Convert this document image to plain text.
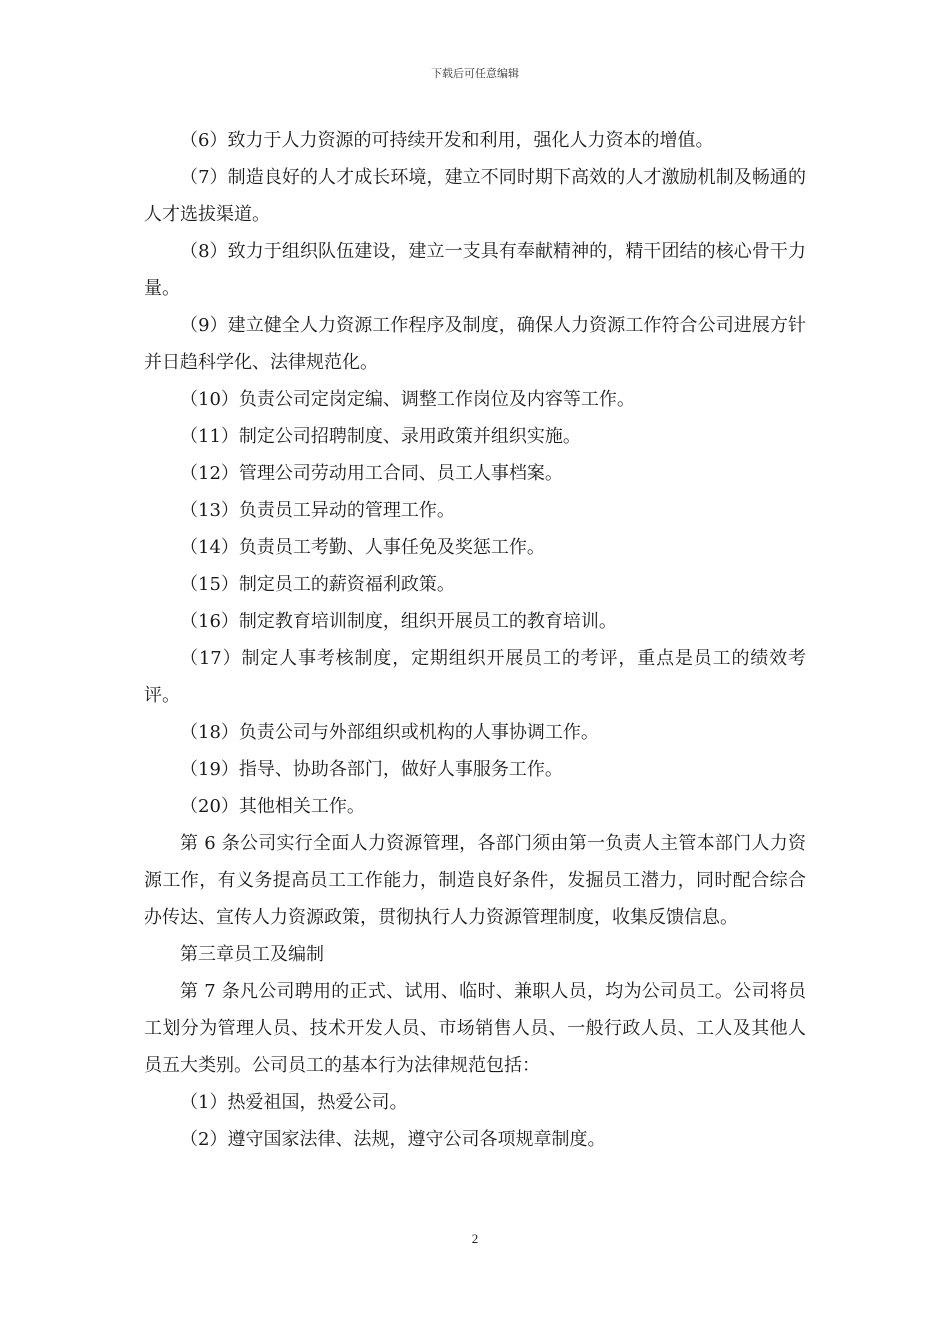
下载后可任意编辑

（6）致力于人力资源的可持续开发和利用，强化人力资本的增值。

（7）制造良好的人才成长环境，建立不同时期下高效的人才激励机制及畅通的人才选拔渠道。

（8）致力于组织队伍建设，建立一支具有奉献精神的，精干团结的核心骨干力量。

（9）建立健全人力资源工作程序及制度，确保人力资源工作符合公司进展方针并日趋科学化、法律规范化。

（10）负责公司定岗定编、调整工作岗位及内容等工作。

（11）制定公司招聘制度、录用政策并组织实施。

（12）管理公司劳动用工合同、员工人事档案。

（13）负责员工异动的管理工作。

（14）负责员工考勤、人事任免及奖惩工作。

（15）制定员工的薪资福利政策。

（16）制定教育培训制度，组织开展员工的教育培训。

（17）制定人事考核制度，定期组织开展员工的考评，重点是员工的绩效考评。

（18）负责公司与外部组织或机构的人事协调工作。

（19）指导、协助各部门，做好人事服务工作。

（20）其他相关工作。

第 6 条公司实行全面人力资源管理，各部门须由第一负责人主管本部门人力资源工作，有义务提高员工工作能力，制造良好条件，发掘员工潜力，同时配合综合办传达、宣传人力资源政策，贯彻执行人力资源管理制度，收集反馈信息。

第三章员工及编制

第 7 条凡公司聘用的正式、试用、临时、兼职人员，均为公司员工。公司将员工划分为管理人员、技术开发人员、市场销售人员、一般行政人员、工人及其他人员五大类别。公司员工的基本行为法律规范包括：

（1）热爱祖国，热爱公司。

（2）遵守国家法律、法规，遵守公司各项规章制度。

2
